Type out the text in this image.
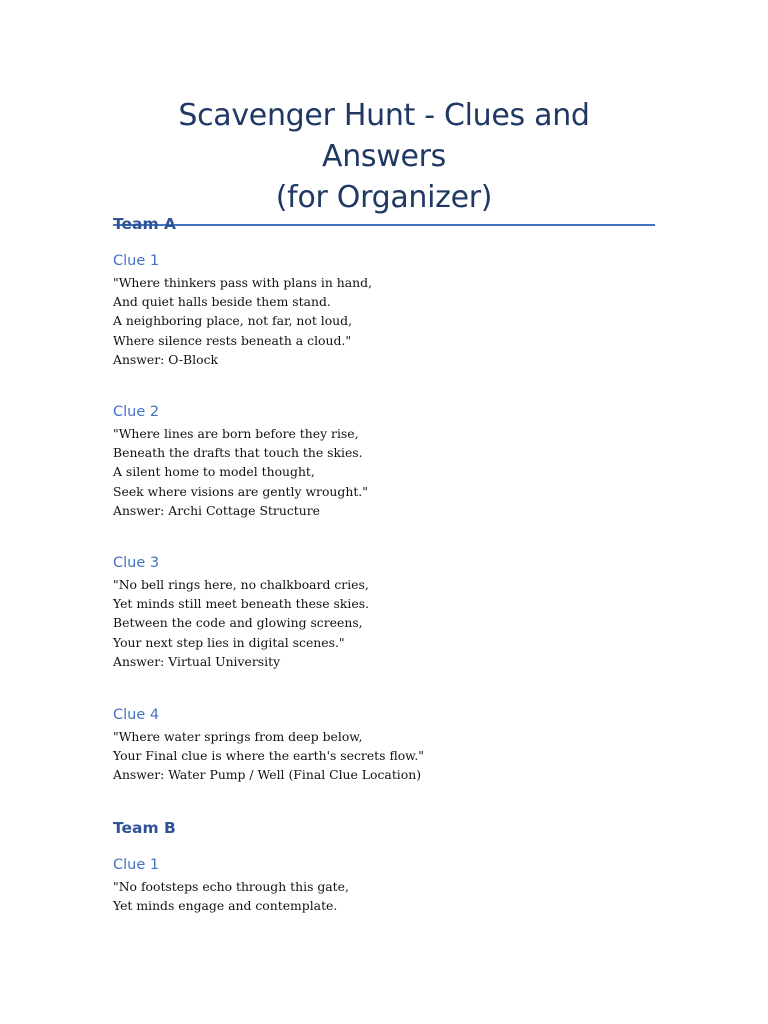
Scavenger Hunt - Clues and Answers
(for Organizer)
Team A
Clue 1
"Where thinkers pass with plans in hand,
And quiet halls beside them stand.
A neighboring place, not far, not loud,
Where silence rests beneath a cloud."
Answer: O-Block
Clue 2
"Where lines are born before they rise,
Beneath the drafts that touch the skies.
A silent home to model thought,
Seek where visions are gently wrought."
Answer: Archi Cottage Structure
Clue 3
"No bell rings here, no chalkboard cries,
Yet minds still meet beneath these skies.
Between the code and glowing screens,
Your next step lies in digital scenes."
Answer: Virtual University
Clue 4
"Where water springs from deep below,
Your Final clue is where the earth's secrets flow."
Answer: Water Pump / Well (Final Clue Location)
Team B
Clue 1
"No footsteps echo through this gate,
Yet minds engage and contemplate.
